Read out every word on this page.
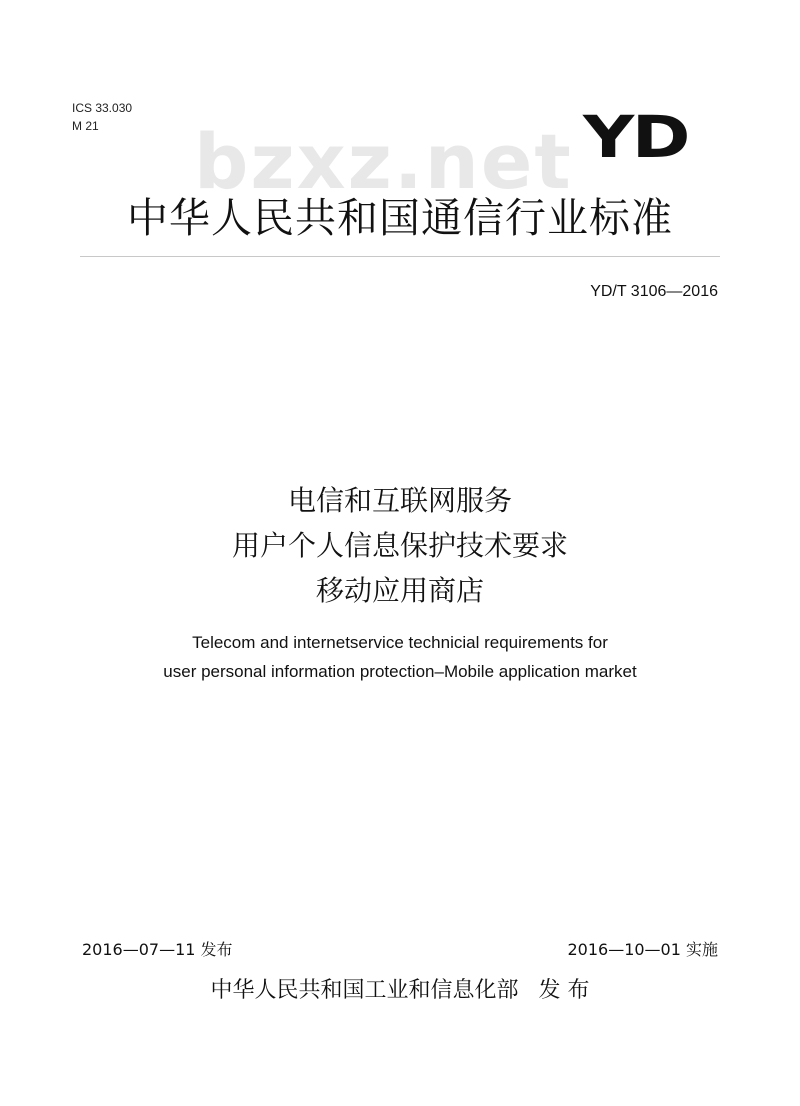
ICS 33.030
M 21	bzxz.net YD
中华人民共和国通信行业标准
YD/T 3106—2016
电信和互联网服务
用户个人信息保护技术要求
移动应用商店
Telecom and internetservice technicial requirements for
user personal information protection–Mobile application market
2016—07—11 发布	2016—10—01 实施
中华人民共和国工业和信息化部 发 布
